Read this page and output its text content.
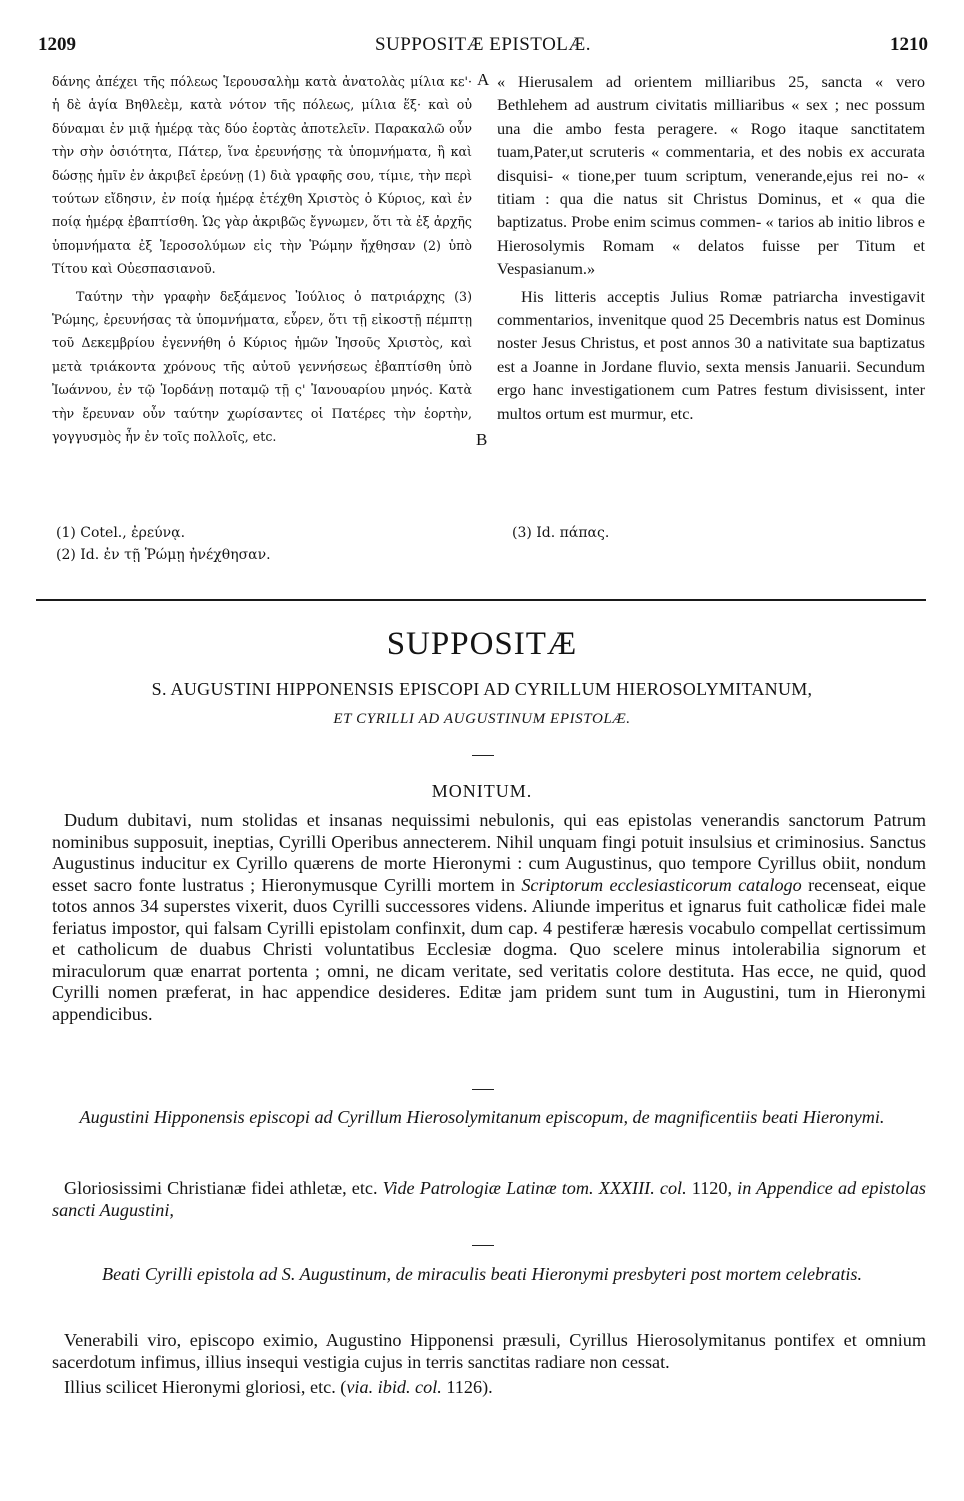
1209	SUPPOSITÆ EPISTOLÆ.	1210

δάνης ἀπέχει τῆς πόλεως Ἱερουσαλὴμ κατὰ ἀνατολὰς μίλια κε'· ἡ δὲ ἁγία Βηθλεὲμ, κατὰ νότον τῆς πόλεως, μίλια ἕξ· καὶ οὐ δύναμαι ἐν μιᾷ ἡμέρᾳ τὰς δύο ἑορτὰς ἀποτελεῖν. Παρακαλῶ οὖν τὴν σὴν ὁσιότητα, Πάτερ, ἵνα ἐρευνήσῃς τὰ ὑπομνήματα, ἢ καὶ δώσῃς ἡμῖν ἐν ἀκριβεῖ ἐρεύνῃ (1) διὰ γραφῆς σου, τίμιε, τὴν περὶ τούτων εἴδησιν, ἐν ποίᾳ ἡμέρᾳ ἐτέχθη Χριστὸς ὁ Κύριος, καὶ ἐν ποίᾳ ἡμέρᾳ ἐβαπτίσθη. Ὡς γὰρ ἀκριβῶς ἔγνωμεν, ὅτι τὰ ἐξ ἀρχῆς ὑπομνήματα ἐξ Ἱεροσολύμων εἰς τὴν Ῥώμην ἤχθησαν (2) ὑπὸ Τίτου καὶ Οὐεσπασιανοῦ.

Ταύτην τὴν γραφὴν δεξάμενος Ἰούλιος ὁ πατριάρχης (3) Ῥώμης, ἐρευνήσας τὰ ὑπομνήματα, εὗρεν, ὅτι τῇ εἰκοστῇ πέμπτῃ τοῦ Δεκεμβρίου ἐγεννήθη ὁ Κύριος ἡμῶν Ἰησοῦς Χριστὸς, καὶ μετὰ τριάκοντα χρόνους τῆς αὐτοῦ γεννήσεως ἐβαπτίσθη ὑπὸ Ἰωάννου, ἐν τῷ Ἰορδάνῃ ποταμῷ τῇ ς' Ἰανουαρίου μηνός. Κατὰ τὴν ἔρευναν οὖν ταύτην χωρίσαντες οἱ Πατέρες τὴν ἑορτὴν, γογγυσμὸς ἦν ἐν τοῖς πολλοῖς, etc.

A
B

« Hierusalem ad orientem milliaribus 25, sancta « vero Bethlehem ad austrum civitatis milliaribus « sex ; nec possum una die ambo festa peragere. « Rogo itaque sanctitatem tuam,Pater,ut scruteris « commentaria, et des nobis ex accurata disquisi- « tione,per tuum scriptum, venerande,ejus rei no- « titiam : qua die natus sit Christus Dominus, et « qua die baptizatus. Probe enim scimus commen- « tarios ab initio libros e Hierosolymis Romam « delatos fuisse per Titum et Vespasianum.»

His litteris acceptis Julius Romæ patriarcha investigavit commentarios, invenitque quod 25 Decembris natus est Dominus noster Jesus Christus, et post annos 30 a nativitate sua baptizatus est a Joanne in Jordane fluvio, sexta mensis Januarii. Secundum ergo hanc investigationem cum Patres festum divisissent, inter multos ortum est murmur, etc.

(1) Cotel., ἐρεύνᾳ.
(2) Id. ἐν τῇ Ῥώμῃ ἠνέχθησαν.
(3) Id. πάπας.
SUPPOSITÆ
S. AUGUSTINI HIPPONENSIS EPISCOPI AD CYRILLUM HIEROSOLYMITANUM,
ET CYRILLI AD AUGUSTINUM EPISTOLÆ.
MONITUM.

Dudum dubitavi, num stolidas et insanas nequissimi nebulonis, qui eas epistolas venerandis sanctorum Patrum nominibus supposuit, ineptias, Cyrilli Operibus annecterem. Nihil unquam fingi potuit insulsius et criminosius. Sanctus Augustinus inducitur ex Cyrillo quærens de morte Hieronymi : cum Augustinus, quo tempore Cyrillus obiit, nondum esset sacro fonte lustratus ; Hieronymusque Cyrilli mortem in Scriptorum ecclesiasticorum catalogo recenseat, eique totos annos 34 superstes vixerit, duos Cyrilli successores videns. Aliunde imperitus et ignarus fuit catholicæ fidei male feriatus impostor, qui falsam Cyrilli epistolam confinxit, dum cap. 4 pestiferæ hæresis vocabulo compellat certissimum et catholicum de duabus Christi voluntatibus Ecclesiæ dogma. Quo scelere minus intolerabilia signorum et miraculorum quæ enarrat portenta ; omni, ne dicam veritate, sed veritatis colore destituta. Has ecce, ne quid, quod Cyrilli nomen præferat, in hac appendice desideres. Editæ jam pridem sunt tum in Augustini, tum in Hieronymi appendicibus.

Augustini Hipponensis episcopi ad Cyrillum Hierosolymitanum episcopum, de magnificentiis beati Hieronymi.

Gloriosissimi Christianæ fidei athletæ, etc. Vide Patrologiæ Latinæ tom. XXXIII. col. 1120, in Appendice ad epistolas sancti Augustini,

Beati Cyrilli epistola ad S. Augustinum, de miraculis beati Hieronymi presbyteri post mortem celebratis.

Venerabili viro, episcopo eximio, Augustino Hipponensi præsuli, Cyrillus Hierosolymitanus pontifex et omnium sacerdotum infimus, illius insequi vestigia cujus in terris sanctitas radiare non cessat.

Illius scilicet Hieronymi gloriosi, etc. (via. ibid. col. 1126).
